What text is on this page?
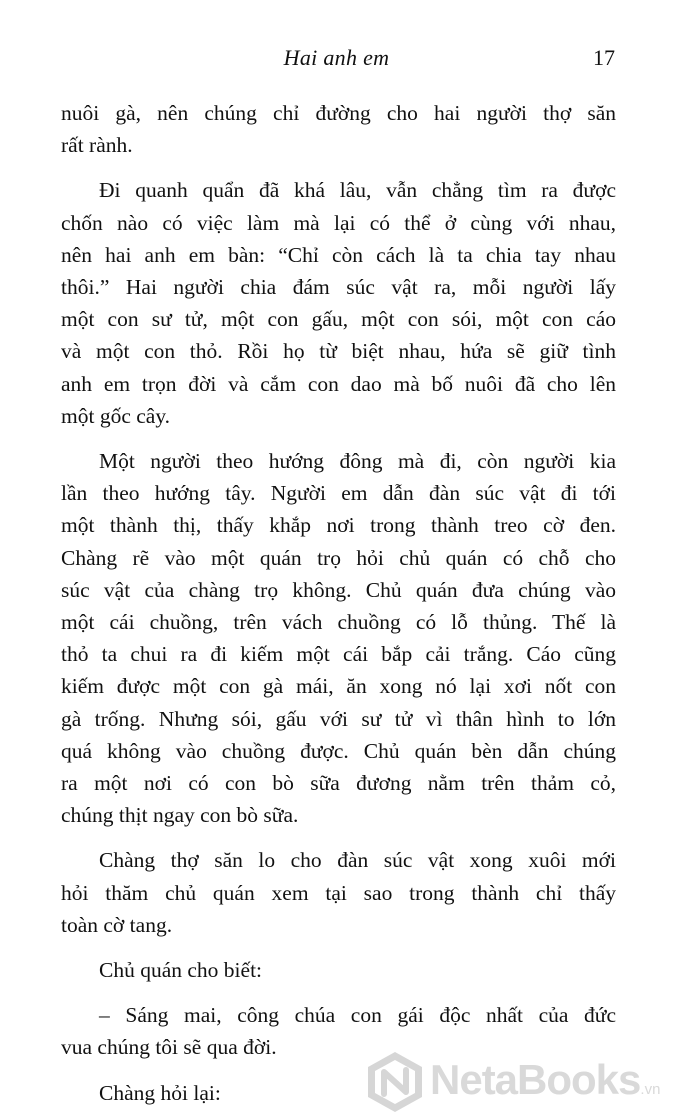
Hai anh em	17

nuôi gà, nên chúng chỉ đường cho hai người thợ săn

rất rành.

Đi quanh quẩn đã khá lâu, vẫn chẳng tìm ra được

chốn nào có việc làm mà lại có thể ở cùng với nhau,

nên hai anh em bàn: “Chỉ còn cách là ta chia tay nhau

thôi.” Hai người chia đám súc vật ra, mỗi người lấy

một con sư tử, một con gấu, một con sói, một con cáo

và một con thỏ. Rồi họ từ biệt nhau, hứa sẽ giữ tình

anh em trọn đời và cắm con dao mà bố nuôi đã cho lên

một gốc cây.

Một người theo hướng đông mà đi, còn người kia

lần theo hướng tây. Người em dẫn đàn súc vật đi tới

một thành thị, thấy khắp nơi trong thành treo cờ đen.

Chàng rẽ vào một quán trọ hỏi chủ quán có chỗ cho

súc vật của chàng trọ không. Chủ quán đưa chúng vào

một cái chuồng, trên vách chuồng có lỗ thủng. Thế là

thỏ ta chui ra đi kiếm một cái bắp cải trắng. Cáo cũng

kiếm được một con gà mái, ăn xong nó lại xơi nốt con

gà trống. Nhưng sói, gấu với sư tử vì thân hình to lớn

quá không vào chuồng được. Chủ quán bèn dẫn chúng

ra một nơi có con bò sữa đương nằm trên thảm cỏ,

chúng thịt ngay con bò sữa.

Chàng thợ săn lo cho đàn súc vật xong xuôi mới

hỏi thăm chủ quán xem tại sao trong thành chỉ thấy

toàn cờ tang.

Chủ quán cho biết:

– Sáng mai, công chúa con gái độc nhất của đức

vua chúng tôi sẽ qua đời.

Chàng hỏi lại:	NetaBooks.vn
